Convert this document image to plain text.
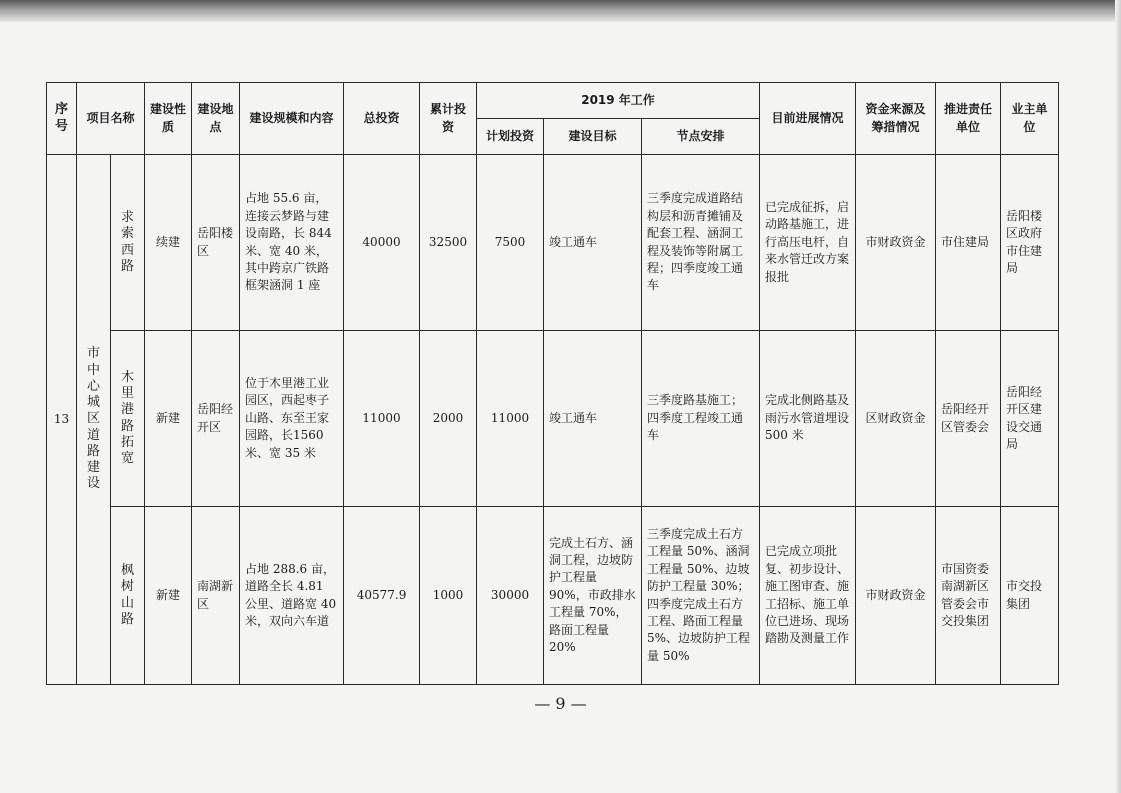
序号	项目名称		建设性质	建设地点	建设规模和内容	总投资	累计投资	2019 年工作			目前进展情况	资金来源及筹措情况	推进责任单位	业主单位
								计划投资	建设目标	节点安排				
13	市中心城区道路建设	求索西路	续建	岳阳楼区	占地 55.6 亩，连接云梦路与建设南路，长 844 米、宽 40 米，其中跨京广铁路框架涵洞 1 座	40000	32500	7500	竣工通车	三季度完成道路结构层和沥青摊铺及配套工程、涵洞工程及装饰等附属工程；四季度竣工通车	已完成征拆，启动路基施工，进行高压电杆，自来水管迁改方案报批	市财政资金	市住建局	岳阳楼区政府市住建局

		木里港路拓宽	新建	岳阳经开区	位于木里港工业园区，西起枣子山路、东至王家园路，长1560米、宽 35 米	11000	2000	11000	竣工通车	三季度路基施工；四季度工程竣工通车	完成北侧路基及雨污水管道埋设 500 米	区财政资金	岳阳经开区管委会	岳阳经开区建设交通局

		枫树山路	新建	南湖新区	占地 288.6 亩，道路全长 4.81 公里、道路宽 40 米，双向六车道	40577.9	1000	30000	完成土石方、涵洞工程，边坡防护工程量 90%，市政排水工程量 70%，路面工程量 20%	三季度完成土石方工程量 50%、涵洞工程量 50%、边坡防护工程量 30%；四季度完成土石方工程、路面工程量 5%、边坡防护工程量 50%	已完成立项批复、初步设计、施工图审查、施工招标、施工单位已进场、现场踏勘及测量工作	市财政资金	市国资委南湖新区管委会市交投集团	市交投集团
— 9 —
